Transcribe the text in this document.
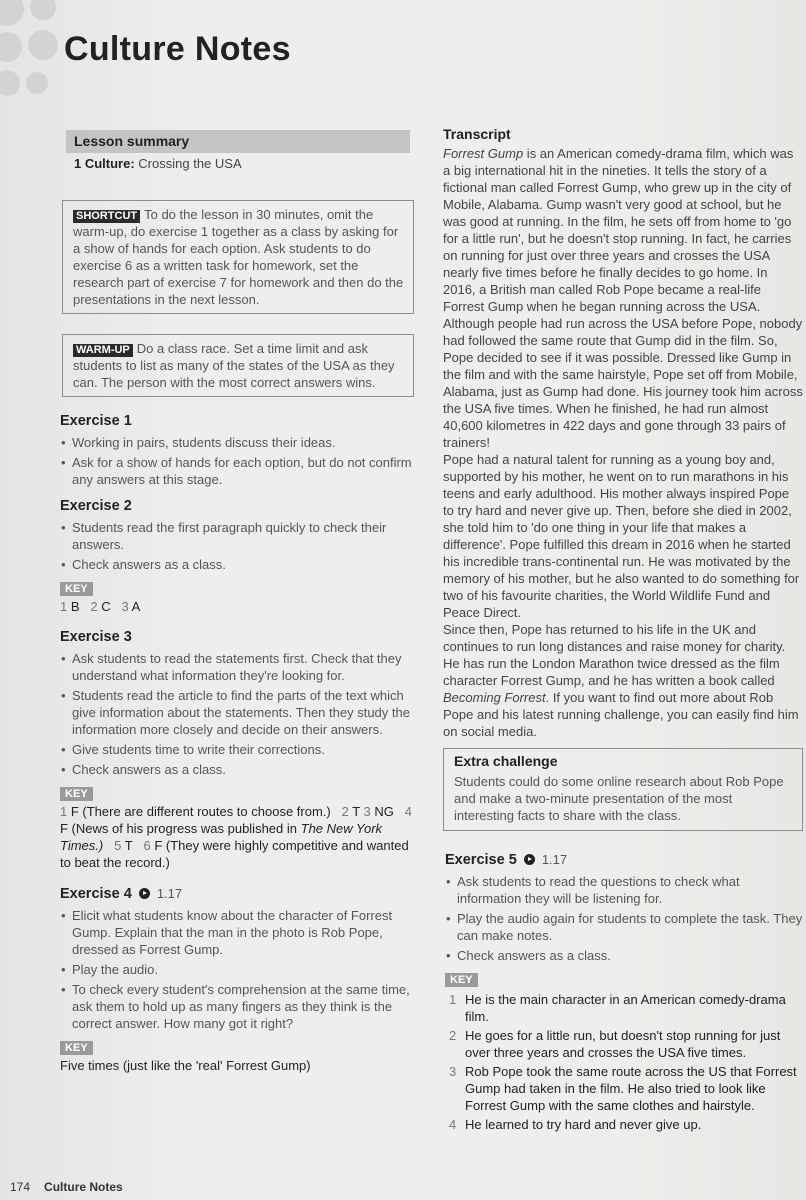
Culture Notes
Lesson summary
1 Culture: Crossing the USA
SHORTCUT To do the lesson in 30 minutes, omit the warm-up, do exercise 1 together as a class by asking for a show of hands for each option. Ask students to do exercise 6 as a written task for homework, set the research part of exercise 7 for homework and then do the presentations in the next lesson.
WARM-UP Do a class race. Set a time limit and ask students to list as many of the states of the USA as they can. The person with the most correct answers wins.
Exercise 1
• Working in pairs, students discuss their ideas.
• Ask for a show of hands for each option, but do not confirm any answers at this stage.
Exercise 2
• Students read the first paragraph quickly to check their answers.
• Check answers as a class.
KEY
1 B 2 C 3 A
Exercise 3
• Ask students to read the statements first. Check that they understand what information they're looking for.
• Students read the article to find the parts of the text which give information about the statements. Then they study the information more closely and decide on their answers.
• Give students time to write their corrections.
• Check answers as a class.
KEY
1 F (There are different routes to choose from.) 2 T 3 NG 4 F (News of his progress was published in The New York Times.) 5 T 6 F (They were highly competitive and wanted to beat the record.)
Exercise 4 1.17
• Elicit what students know about the character of Forrest Gump. Explain that the man in the photo is Rob Pope, dressed as Forrest Gump.
• Play the audio.
• To check every student's comprehension at the same time, ask them to hold up as many fingers as they think is the correct answer. How many got it right?
KEY
Five times (just like the 'real' Forrest Gump)
Transcript

Forrest Gump is an American comedy-drama film, which was a big international hit in the nineties. It tells the story of a fictional man called Forrest Gump, who grew up in the city of Mobile, Alabama. Gump wasn't very good at school, but he was good at running. In the film, he sets off from home to 'go for a little run', but he doesn't stop running. In fact, he carries on running for just over three years and crosses the USA nearly five times before he finally decides to go home. In 2016, a British man called Rob Pope became a real-life Forrest Gump when he began running across the USA. Although people had run across the USA before Pope, nobody had followed the same route that Gump did in the film. So, Pope decided to see if it was possible. Dressed like Gump in the film and with the same hairstyle, Pope set off from Mobile, Alabama, just as Gump had done. His journey took him across the USA five times. When he finished, he had run almost 40,600 kilometres in 422 days and gone through 33 pairs of trainers!

Pope had a natural talent for running as a young boy and, supported by his mother, he went on to run marathons in his teens and early adulthood. His mother always inspired Pope to try hard and never give up. Then, before she died in 2002, she told him to 'do one thing in your life that makes a difference'. Pope fulfilled this dream in 2016 when he started his incredible trans-continental run. He was motivated by the memory of his mother, but he also wanted to do something for two of his favourite charities, the World Wildlife Fund and Peace Direct.

Since then, Pope has returned to his life in the UK and continues to run long distances and raise money for charity. He has run the London Marathon twice dressed as the film character Forrest Gump, and he has written a book called Becoming Forrest. If you want to find out more about Rob Pope and his latest running challenge, you can easily find him on social media.

Extra challenge
Students could do some online research about Rob Pope and make a two-minute presentation of the most interesting facts to share with the class.
Exercise 5 1.17
• Ask students to read the questions to check what information they will be listening for.
• Play the audio again for students to complete the task. They can make notes.
• Check answers as a class.
KEY
1 He is the main character in an American comedy-drama film.
2 He goes for a little run, but doesn't stop running for just over three years and crosses the USA five times.
3 Rob Pope took the same route across the US that Forrest Gump had taken in the film. He also tried to look like Forrest Gump with the same clothes and hairstyle.
4 He learned to try hard and never give up.
174 Culture Notes
